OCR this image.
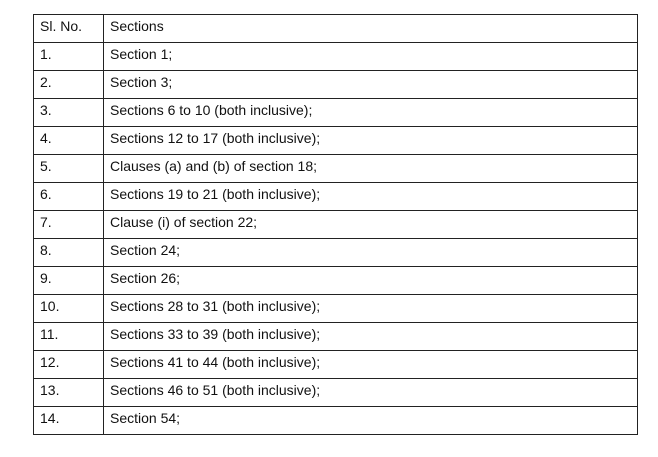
Sl. No.	Sections
1.	Section 1;
2.	Section 3;
3.	Sections 6 to 10 (both inclusive);
4.	Sections 12 to 17 (both inclusive);
5.	Clauses (a) and (b) of section 18;
6.	Sections 19 to 21 (both inclusive);
7.	Clause (i) of section 22;
8.	Section 24;
9.	Section 26;
10.	Sections 28 to 31 (both inclusive);
11.	Sections 33 to 39 (both inclusive);
12.	Sections 41 to 44 (both inclusive);
13.	Sections 46 to 51 (both inclusive);
14.	Section 54;
